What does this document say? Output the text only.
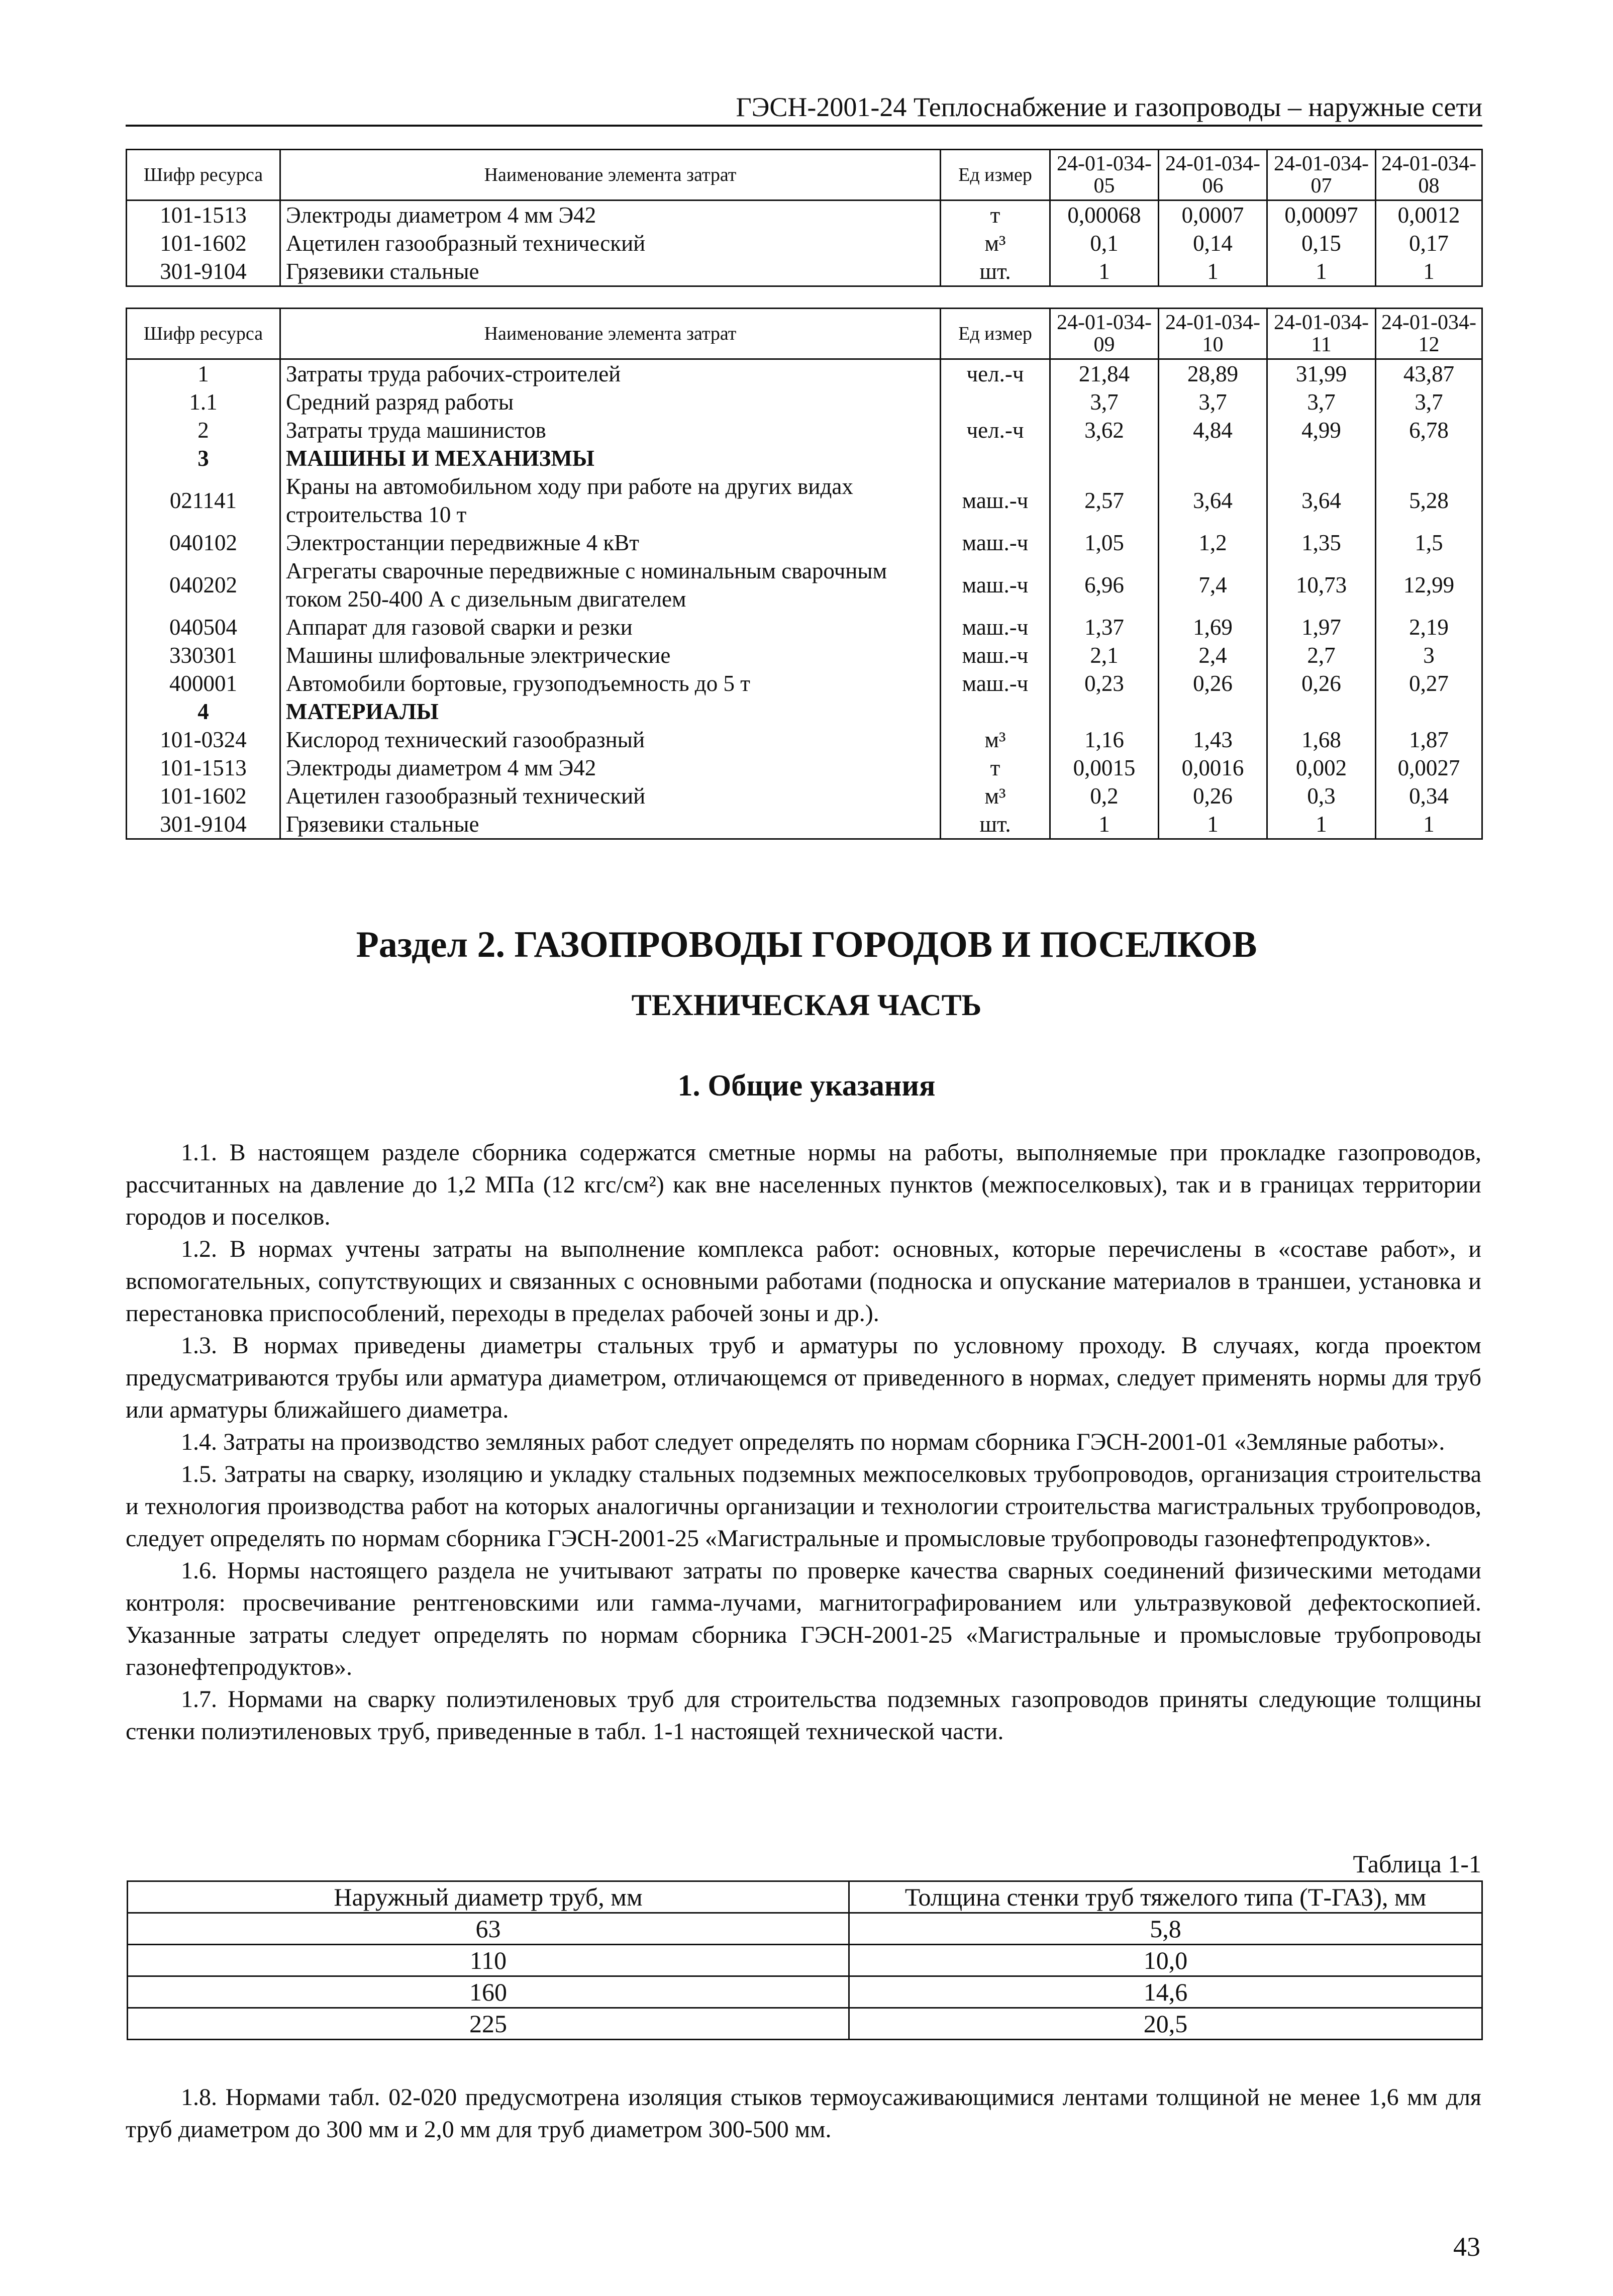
ГЭСН-2001-24 Теплоснабжение и газопроводы – наружные сети
Шифр ресурса	Наименование элемента затрат	Ед измер	24-01-034-05	24-01-034-06	24-01-034-07	24-01-034-08

101-1513	Электроды диаметром 4 мм Э42	т	0,00068	0,0007	0,00097	0,0012
101-1602	Ацетилен газообразный технический	м³	0,1	0,14	0,15	0,17
301-9104	Грязевики стальные	шт.	1	1	1	1
Шифр ресурса	Наименование элемента затрат	Ед измер	24-01-034-09	24-01-034-10	24-01-034-11	24-01-034-12

1	Затраты труда рабочих-строителей	чел.-ч	21,84	28,89	31,99	43,87
1.1	Средний разряд работы		3,7	3,7	3,7	3,7
2	Затраты труда машинистов	чел.-ч	3,62	4,84	4,99	6,78
3	МАШИНЫ И МЕХАНИЗМЫ					
021141	Краны на автомобильном ходу при работе на других видах строительства 10 т	маш.-ч	2,57	3,64	3,64	5,28
040102	Электростанции передвижные 4 кВт	маш.-ч	1,05	1,2	1,35	1,5
040202	Агрегаты сварочные передвижные с номинальным сварочным током 250-400 А с дизельным двигателем	маш.-ч	6,96	7,4	10,73	12,99
040504	Аппарат для газовой сварки и резки	маш.-ч	1,37	1,69	1,97	2,19
330301	Машины шлифовальные электрические	маш.-ч	2,1	2,4	2,7	3
400001	Автомобили бортовые, грузоподъемность до 5 т	маш.-ч	0,23	0,26	0,26	0,27
4	МАТЕРИАЛЫ					
101-0324	Кислород технический газообразный	м³	1,16	1,43	1,68	1,87
101-1513	Электроды диаметром 4 мм Э42	т	0,0015	0,0016	0,002	0,0027
101-1602	Ацетилен газообразный технический	м³	0,2	0,26	0,3	0,34
301-9104	Грязевики стальные	шт.	1	1	1	1
Раздел 2. ГАЗОПРОВОДЫ ГОРОДОВ И ПОСЕЛКОВ
ТЕХНИЧЕСКАЯ ЧАСТЬ
1. Общие указания

1.1. В настоящем разделе сборника содержатся сметные нормы на работы, выполняемые при прокладке газопроводов, рассчитанных на давление до 1,2 МПа (12 кгс/см²) как вне населенных пунктов (межпоселковых), так и в границах территории городов и поселков.

1.2. В нормах учтены затраты на выполнение комплекса работ: основных, которые перечислены в «составе работ», и вспомогательных, сопутствующих и связанных с основными работами (подноска и опускание материалов в траншеи, установка и перестановка приспособлений, переходы в пределах рабочей зоны и др.).

1.3. В нормах приведены диаметры стальных труб и арматуры по условному проходу. В случаях, когда проектом предусматриваются трубы или арматура диаметром, отличающемся от приведенного в нормах, следует применять нормы для труб или арматуры ближайшего диаметра.

1.4. Затраты на производство земляных работ следует определять по нормам сборника ГЭСН-2001-01 «Земляные работы».

1.5. Затраты на сварку, изоляцию и укладку стальных подземных межпоселковых трубопроводов, организация строительства и технология производства работ на которых аналогичны организации и технологии строительства магистральных трубопроводов, следует определять по нормам сборника ГЭСН-2001-25 «Магистральные и промысловые трубопроводы газонефтепродуктов».

1.6. Нормы настоящего раздела не учитывают затраты по проверке качества сварных соединений физическими методами контроля: просвечивание рентгеновскими или гамма-лучами, магнитографированием или ультразвуковой дефектоскопией. Указанные затраты следует определять по нормам сборника ГЭСН-2001-25 «Магистральные и промысловые трубопроводы газонефтепродуктов».

1.7. Нормами на сварку полиэтиленовых труб для строительства подземных газопроводов приняты следующие толщины стенки полиэтиленовых труб, приведенные в табл. 1-1 настоящей технической части.

Таблица 1-1
Наружный диаметр труб, мм	Толщина стенки труб тяжелого типа (Т-ГАЗ), мм
63	5,8
110	10,0
160	14,6
225	20,5

1.8. Нормами табл. 02-020 предусмотрена изоляция стыков термоусаживающимися лентами толщиной не менее 1,6 мм для труб диаметром до 300 мм и 2,0 мм для труб диаметром 300-500 мм.

43
